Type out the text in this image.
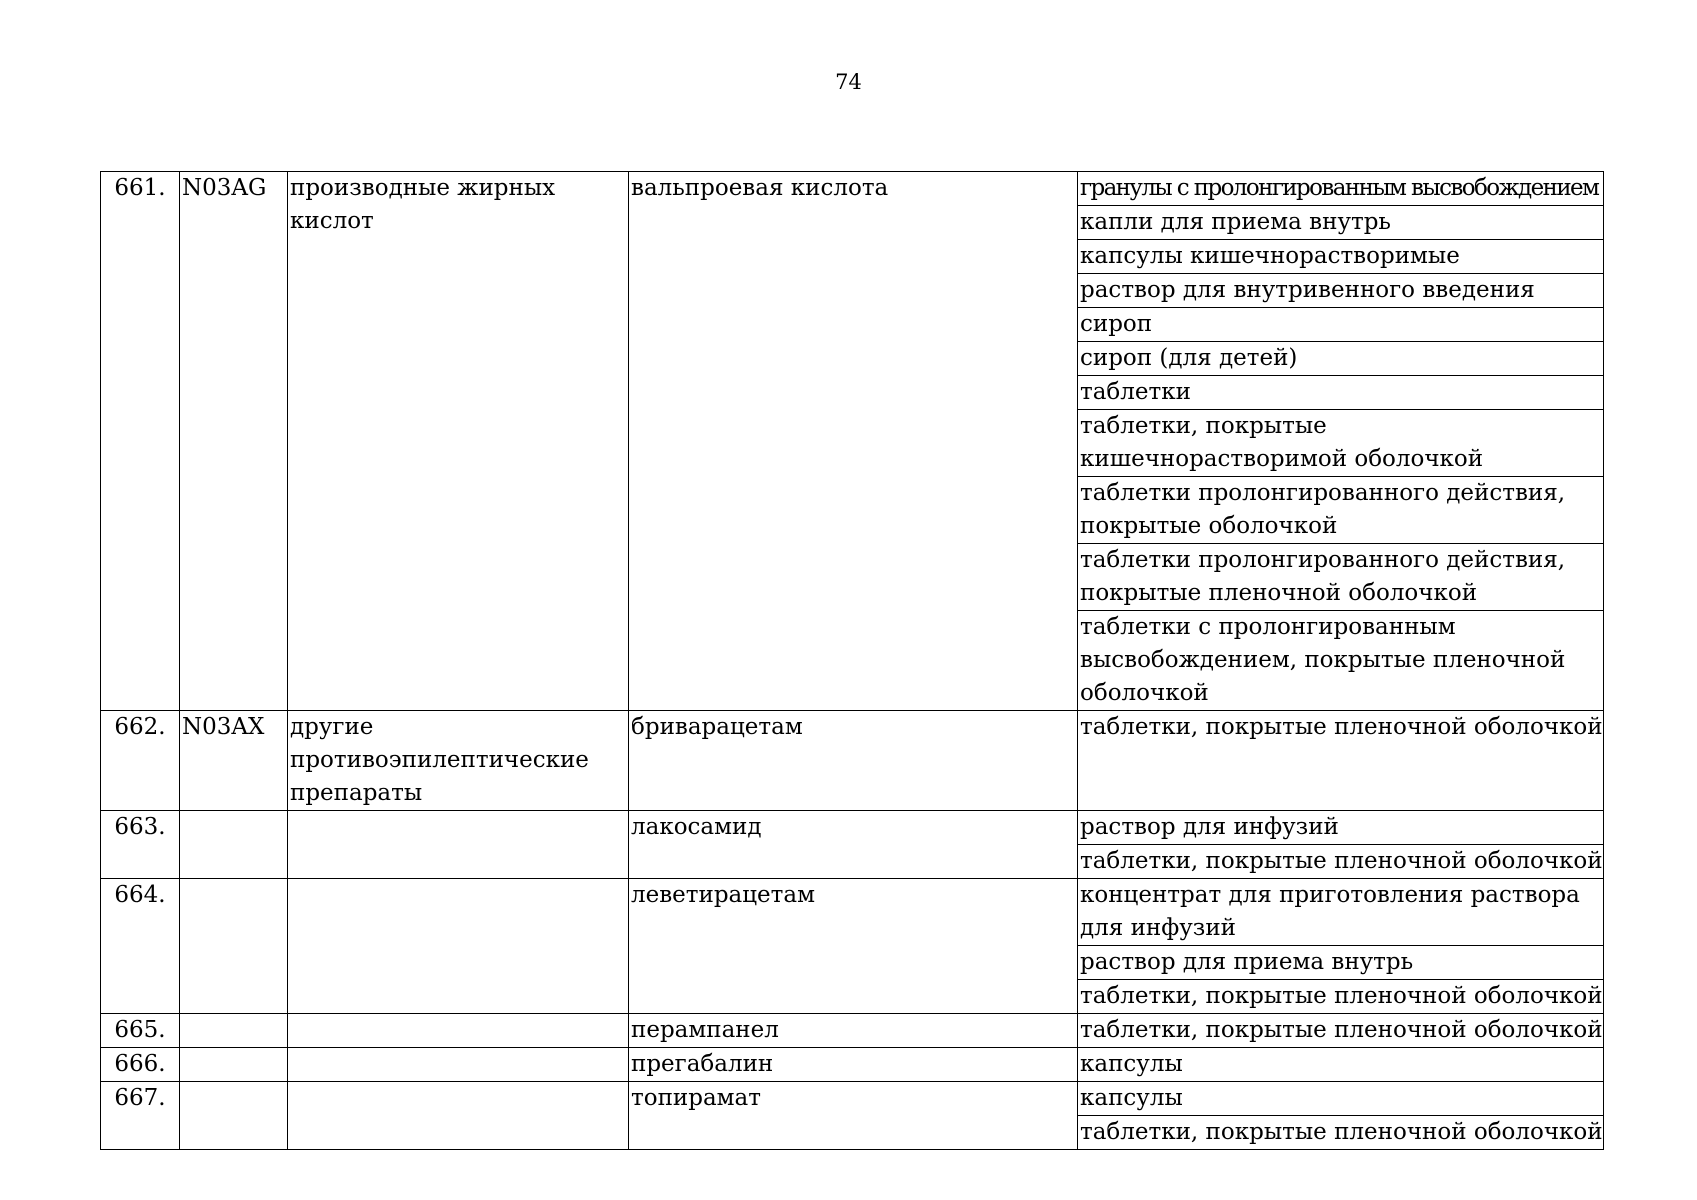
74
661.	N03AG	производные жирных кислот	вальпроевая кислота	гранулы с пролонгированным высвобождением
				капли для приема внутрь
				капсулы кишечнорастворимые
				раствор для внутривенного введения
				сироп
				сироп (для детей)
				таблетки
				таблетки, покрытые кишечнорастворимой оболочкой
				таблетки пролонгированного действия, покрытые оболочкой
				таблетки пролонгированного действия, покрытые пленочной оболочкой
				таблетки с пролонгированным высвобождением, покрытые пленочной оболочкой
662.	N03AX	другие противоэпилептические препараты	бриварацетам	таблетки, покрытые пленочной оболочкой
663.			лакосамид	раствор для инфузий
				таблетки, покрытые пленочной оболочкой
664.			леветирацетам	концентрат для приготовления раствора для инфузий
				раствор для приема внутрь
				таблетки, покрытые пленочной оболочкой
665.			перампанел	таблетки, покрытые пленочной оболочкой
666.			прегабалин	капсулы
667.			топирамат	капсулы
				таблетки, покрытые пленочной оболочкой
